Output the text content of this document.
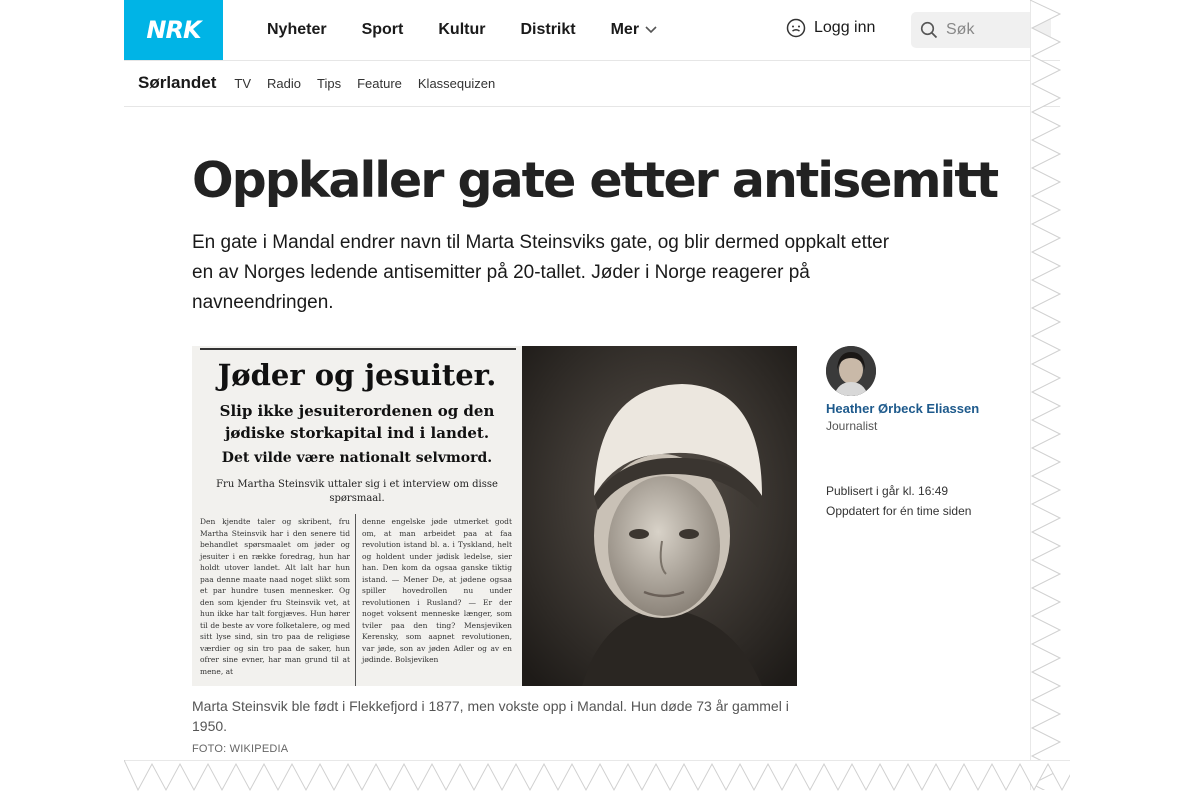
NRK	Nyheter Sport Kultur Distrikt Mer	Logg inn
Søk
Sørlandet TV Radio Tips Feature Klassequizen
Oppkaller gate etter antisemitt

En gate i Mandal endrer navn til Marta Steinsviks gate, og blir dermed oppkalt etter en av Norges ledende antisemitter på 20-tallet. Jøder i Norge reagerer på navneendringen.

Jøder og jesuiter.
Slip ikke jesuiterordenen og den jødiske storkapital ind i landet.
Det vilde være nationalt selvmord.
Fru Martha Steinsvik uttaler sig i et interview om disse spørsmaal.
Den kjendte taler og skribent, fru Martha Steinsvik har i den senere tid behandlet spørsmaalet om jøder og jesuiter i en række foredrag, hun har holdt utover landet. Alt lalt har hun paa denne maate naad noget slikt som et par hundre tusen mennesker. Og den som kjender fru Steinsvik vet, at hun ikke har talt forgjæves. Hun hører til de beste av vore folketalere, og med sitt lyse sind, sin tro paa de religiøse værdier og sin tro paa de saker, hun ofrer sine evner, har man grund til at mene, at
denne engelske jøde utmerket godt om, at man arbeidet paa at faa revolution istand bl. a. i Tyskland, helt og holdent under jødisk ledelse, sier han. Den kom da ogsaa ganske tiktig istand. — Mener De, at jødene ogsaa spiller hovedrollen nu under revolutionen i Rusland? — Er der noget voksent menneske længer, som tviler paa den ting? Mensjeviken Kerensky, som aapnet revolutionen, var jøde, son av jøden Adler og av en jødinde. Bolsjeviken

Marta Steinsvik ble født i Flekkefjord i 1877, men vokste opp i Mandal. Hun døde 73 år gammel i 1950.

FOTO: WIKIPEDIA
Heather Ørbeck Eliassen
Journalist
Publisert i går kl. 16:49
Oppdatert for én time siden
